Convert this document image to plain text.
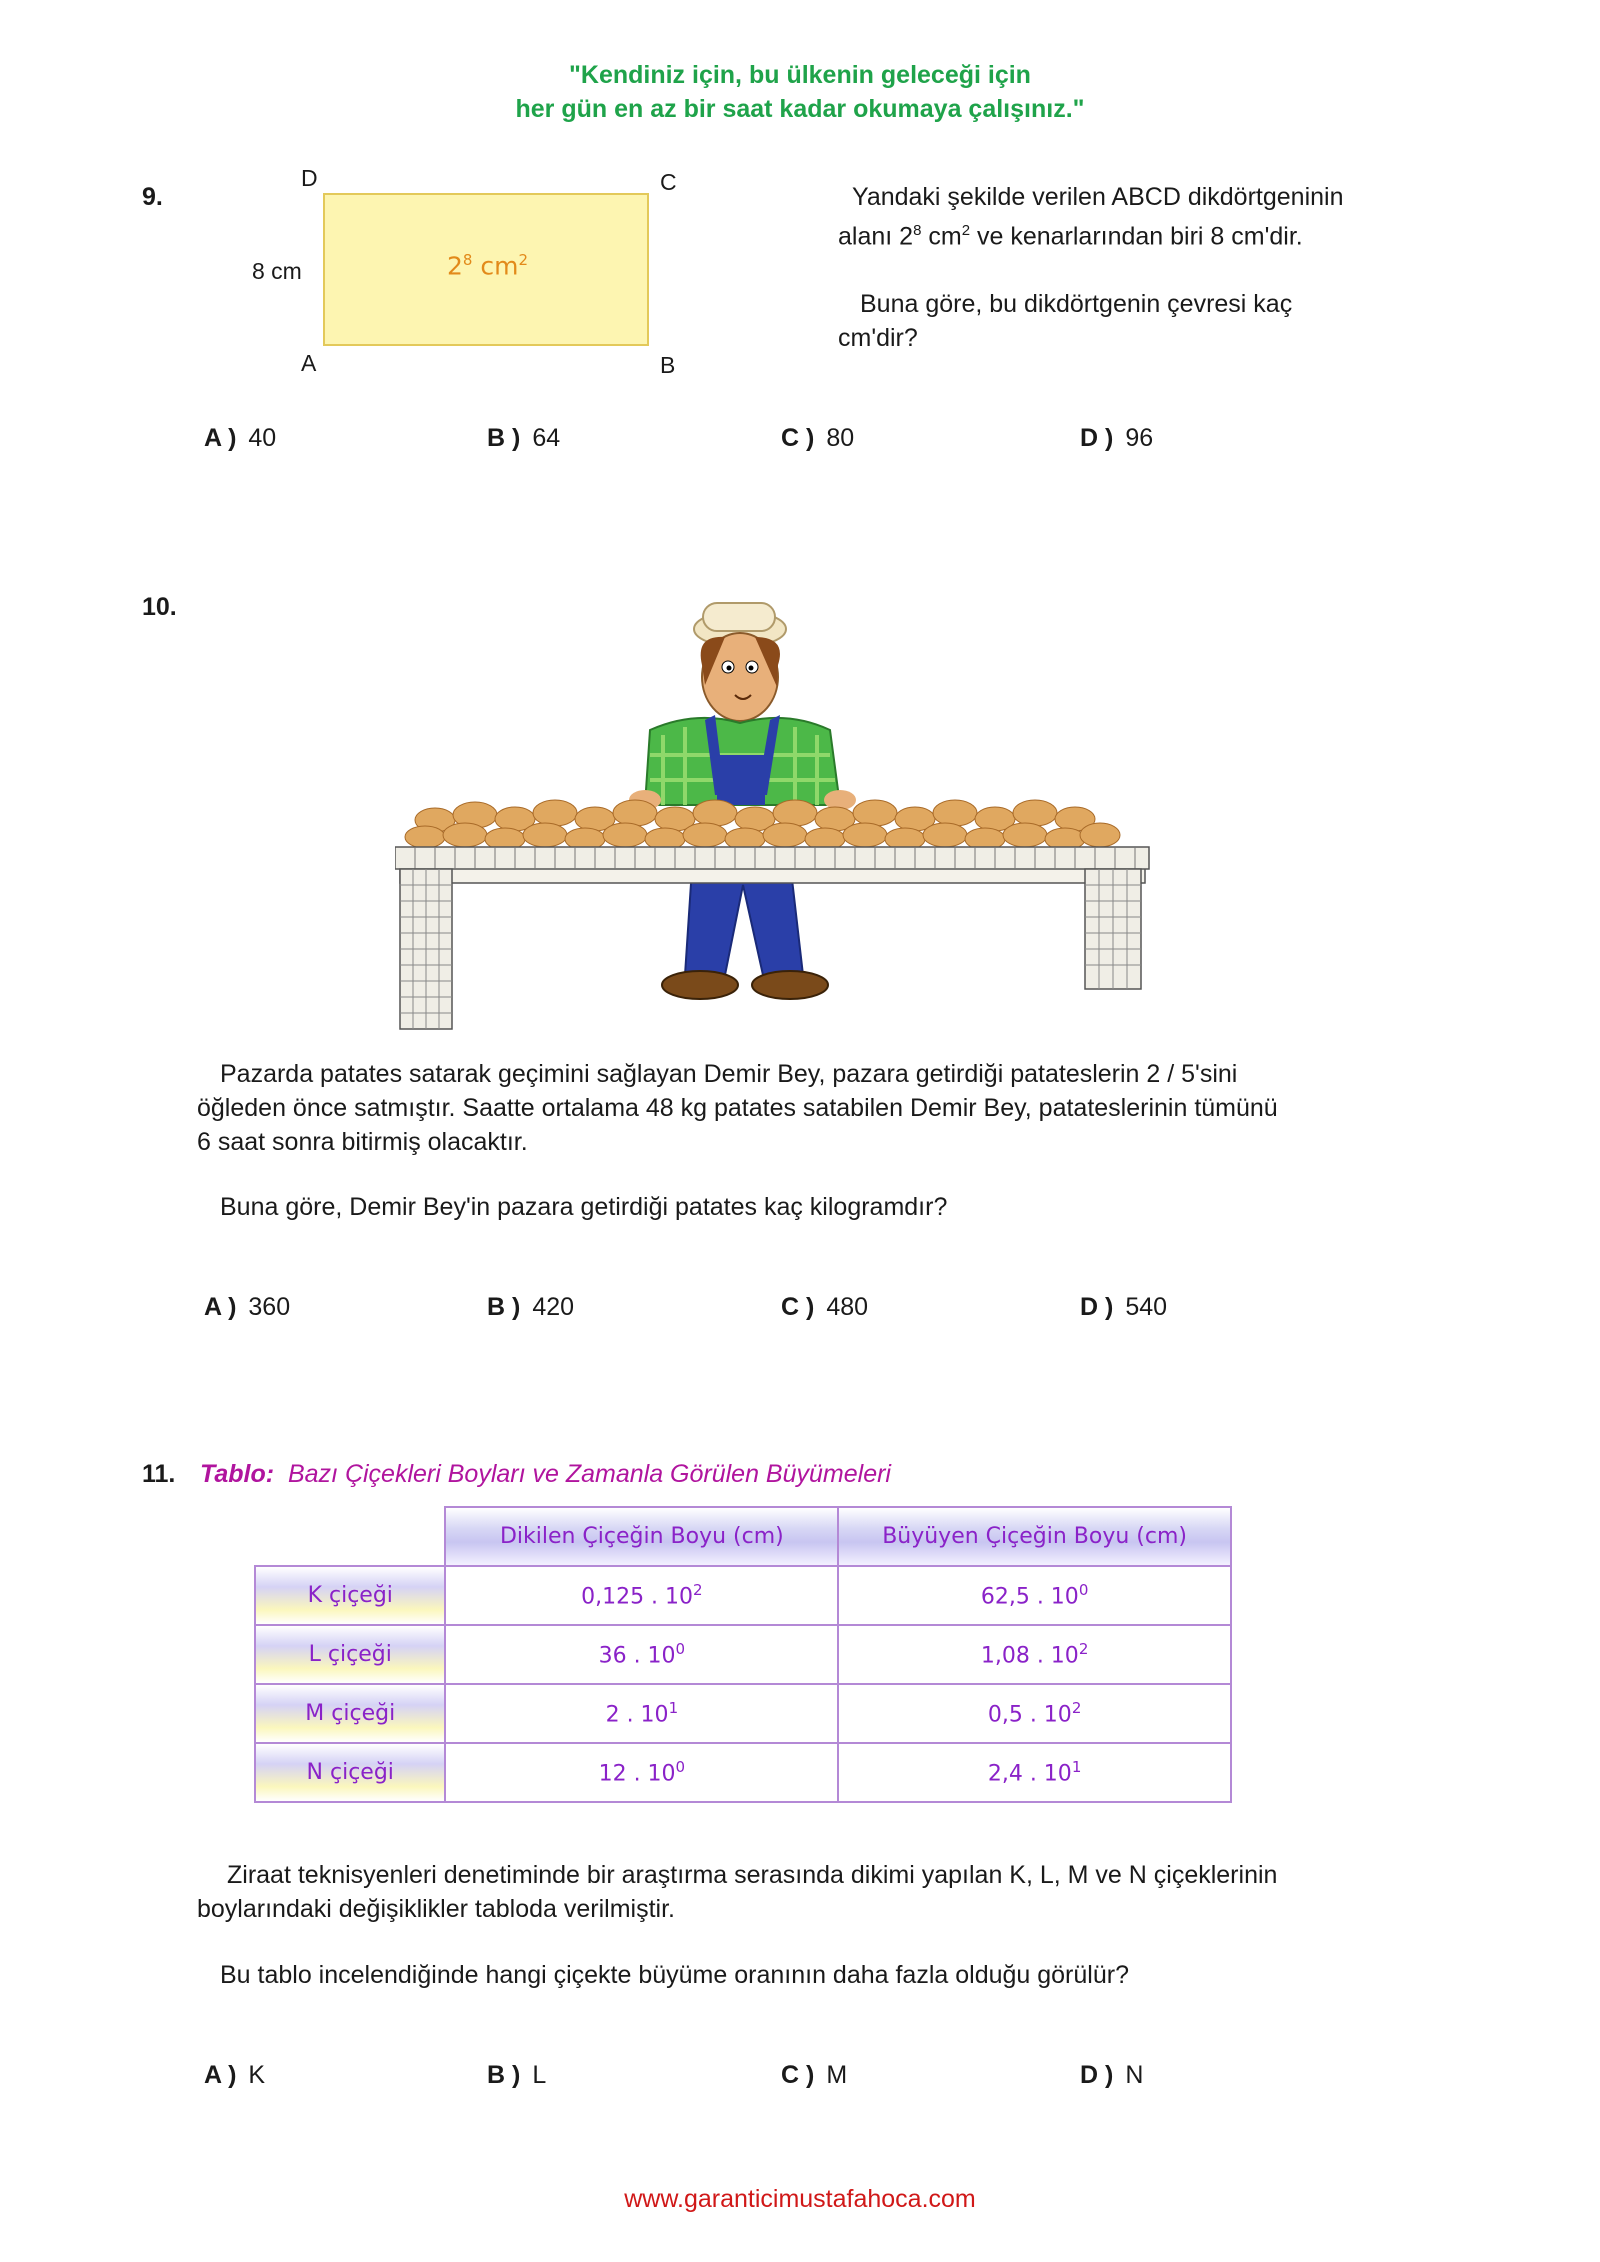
"Kendiniz için, bu ülkenin geleceği için
her gün en az bir saat kadar okumaya çalışınız."
9.
D	C
A	B
8 cm	$2^8$ $cm^2$
Yandaki şekilde verilen ABCD dikdörtgeninin
alanı $2^8$ $cm^2$ ve kenarlarından biri 8 cm'dir.
Buna göre, bu dikdörtgenin çevresi kaç
cm'dir?
A ) 40	B ) 64	C ) 80	D ) 96
10.
Pazarda patates satarak geçimini sağlayan Demir Bey, pazara getirdiği patateslerin 2 / 5'sini
öğleden önce satmıştır. Saatte ortalama 48 kg patates satabilen Demir Bey, patateslerinin tümünü
6 saat sonra bitirmiş olacaktır.
Buna göre, Demir Bey'in pazara getirdiği patates kaç kilogramdır?
A ) 360	B ) 420	C ) 480	D ) 540
11. Tablo: Bazı Çiçekleri Boyları ve Zamanla Görülen Büyümeleri
	Dikilen Çiçeğin Boyu (cm)	Büyüyen Çiçeğin Boyu (cm)
K çiçeği	0,125 . $10^2$	62,5 . $10^0$
L çiçeği	36 . $10^0$	1,08 . $10^2$
M çiçeği	2 . $10^1$	0,5 . $10^2$
N çiçeği	12 . $10^0$	2,4 . $10^1$
Ziraat teknisyenleri denetiminde bir araştırma serasında dikimi yapılan K, L, M ve N çiçeklerinin
boylarındaki değişiklikler tabloda verilmiştir.
Bu tablo incelendiğinde hangi çiçekte büyüme oranının daha fazla olduğu görülür?
A ) K	B ) L	C ) M	D ) N
www.garanticimustafahoca.com
